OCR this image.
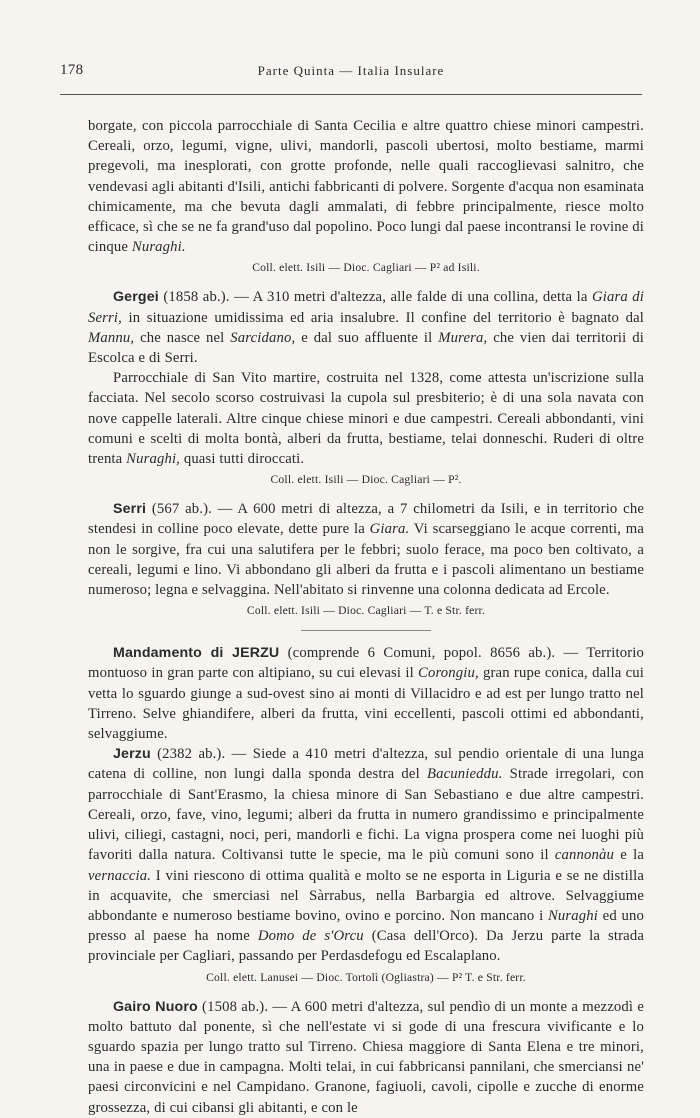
178	Parte Quinta — Italia Insulare

borgate, con piccola parrocchiale di Santa Cecilia e altre quattro chiese minori campestri. Cereali, orzo, legumi, vigne, ulivi, mandorli, pascoli ubertosi, molto bestiame, marmi pregevoli, ma inesplorati, con grotte profonde, nelle quali raccoglievasi salnitro, che vendevasi agli abitanti d'Isili, antichi fabbricanti di polvere. Sorgente d'acqua non esaminata chimicamente, ma che bevuta dagli ammalati, di febbre principalmente, riesce molto efficace, sì che se ne fa grand'uso dal popolino. Poco lungi dal paese incontransi le rovine di cinque Nuraghi.

Coll. elett. Isili — Dioc. Cagliari — P² ad Isili.

Gergei (1858 ab.). — A 310 metri d'altezza, alle falde di una collina, detta la Giara di Serri, in situazione umidissima ed aria insalubre. Il confine del territorio è bagnato dal Mannu, che nasce nel Sarcidano, e dal suo affluente il Murera, che vien dai territorii di Escolca e di Serri.

Parrocchiale di San Vito martire, costruita nel 1328, come attesta un'iscrizione sulla facciata. Nel secolo scorso costruivasi la cupola sul presbiterio; è di una sola navata con nove cappelle laterali. Altre cinque chiese minori e due campestri. Cereali abbondanti, vini comuni e scelti di molta bontà, alberi da frutta, bestiame, telai donneschi. Ruderi di oltre trenta Nuraghi, quasi tutti diroccati.

Coll. elett. Isili — Dioc. Cagliari — P².

Serri (567 ab.). — A 600 metri di altezza, a 7 chilometri da Isili, e in territorio che stendesi in colline poco elevate, dette pure la Giara. Vi scarseggiano le acque correnti, ma non le sorgive, fra cui una salutifera per le febbri; suolo ferace, ma poco ben coltivato, a cereali, legumi e lino. Vi abbondano gli alberi da frutta e i pascoli alimentano un bestiame numeroso; legna e selvaggina. Nell'abitato si rinvenne una colonna dedicata ad Ercole.

Coll. elett. Isili — Dioc. Cagliari — T. e Str. ferr.

Mandamento di JERZU (comprende 6 Comuni, popol. 8656 ab.). — Territorio montuoso in gran parte con altipiano, su cui elevasi il Corongiu, gran rupe conica, dalla cui vetta lo sguardo giunge a sud-ovest sino ai monti di Villacidro e ad est per lungo tratto nel Tirreno. Selve ghiandifere, alberi da frutta, vini eccellenti, pascoli ottimi ed abbondanti, selvaggiume.

Jerzu (2382 ab.). — Siede a 410 metri d'altezza, sul pendio orientale di una lunga catena di colline, non lungi dalla sponda destra del Bacunieddu. Strade irregolari, con parrocchiale di Sant'Erasmo, la chiesa minore di San Sebastiano e due altre campestri. Cereali, orzo, fave, vino, legumi; alberi da frutta in numero grandissimo e principalmente ulivi, ciliegi, castagni, noci, peri, mandorli e fichi. La vigna prospera come nei luoghi più favoriti dalla natura. Coltivansi tutte le specie, ma le più comuni sono il cannonàu e la vernaccia. I vini riescono di ottima qualità e molto se ne esporta in Liguria e se ne distilla in acquavite, che smerciasi nel Sàrrabus, nella Barbargia ed altrove. Selvaggiume abbondante e numeroso bestiame bovino, ovino e porcino. Non mancano i Nuraghi ed uno presso al paese ha nome Domo de s'Orcu (Casa dell'Orco). Da Jerzu parte la strada provinciale per Cagliari, passando per Perdasdefogu ed Escalaplano.

Coll. elett. Lanusei — Dioc. Tortolì (Ogliastra) — P² T. e Str. ferr.

Gairo Nuoro (1508 ab.). — A 600 metri d'altezza, sul pendìo di un monte a mezzodì e molto battuto dal ponente, sì che nell'estate vi si gode di una frescura vivificante e lo sguardo spazia per lungo tratto sul Tirreno. Chiesa maggiore di Santa Elena e tre minori, una in paese e due in campagna. Molti telai, in cui fabbricansi pannilani, che smerciansi ne' paesi circonvicini e nel Campidano. Granone, fagiuoli, cavoli, cipolle e zucche di enorme grossezza, di cui cibansi gli abitanti, e con le
